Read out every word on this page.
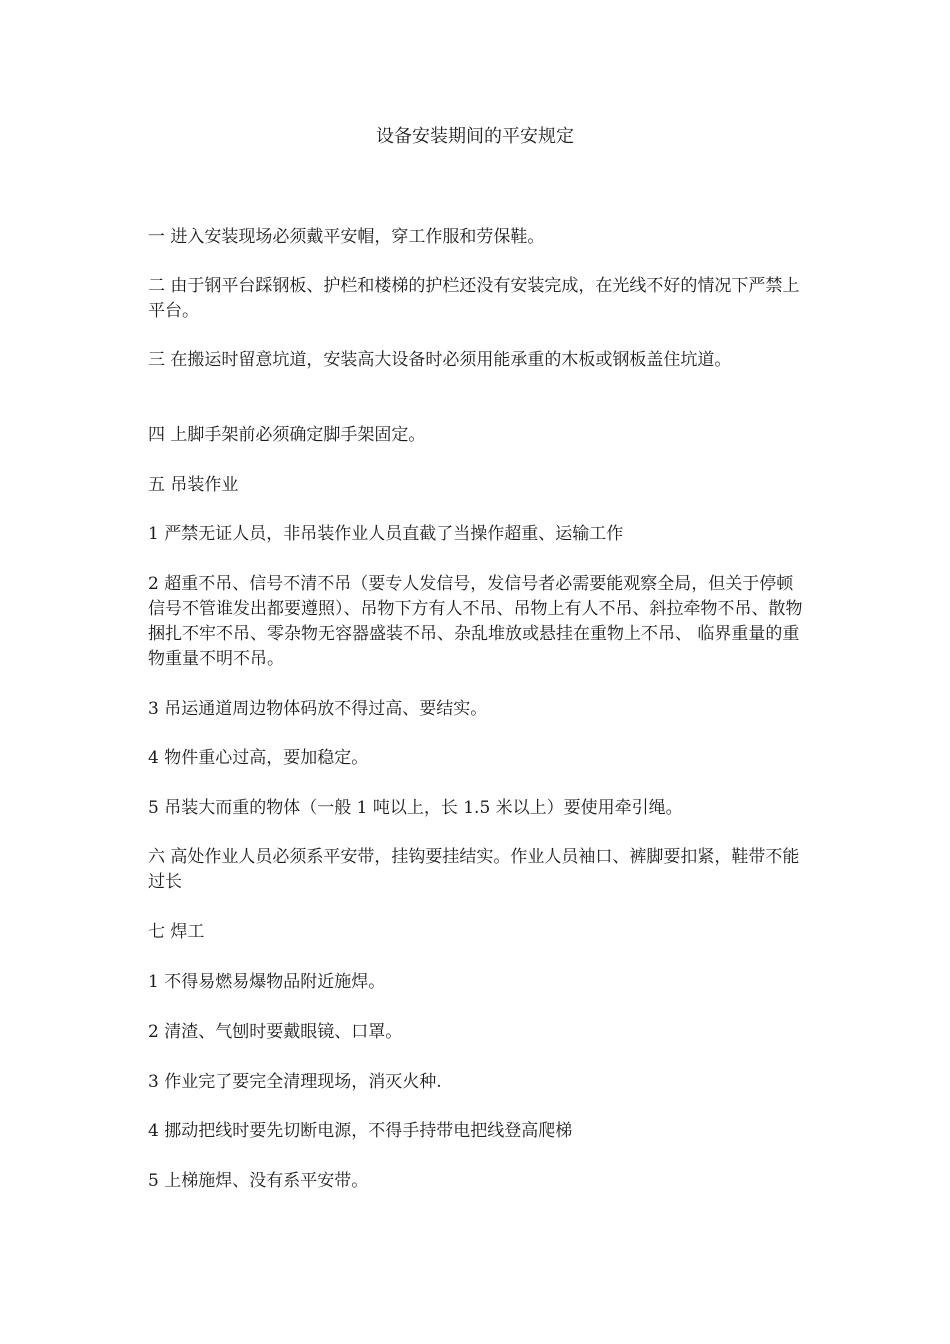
设备安装期间的平安规定

一 进入安装现场必须戴平安帽，穿工作服和劳保鞋。

二 由于钢平台踩钢板、护栏和楼梯的护栏还没有安装完成，在光线不好的情况下严禁上平台。

三 在搬运时留意坑道，安装高大设备时必须用能承重的木板或钢板盖住坑道。

四 上脚手架前必须确定脚手架固定。

五 吊装作业

1 严禁无证人员，非吊装作业人员直截了当操作超重、运输工作

2 超重不吊、信号不清不吊（要专人发信号，发信号者必需要能观察全局，但关于停顿信号不管谁发出都要遵照）、吊物下方有人不吊、吊物上有人不吊、斜拉牵物不吊、散物捆扎不牢不吊、零杂物无容器盛装不吊、杂乱堆放或悬挂在重物上不吊、 临界重量的重物重量不明不吊。

3 吊运通道周边物体码放不得过高、要结实。

4 物件重心过高，要加稳定。

5 吊装大而重的物体（一般 1 吨以上，长 1.5 米以上）要使用牵引绳。

六 高处作业人员必须系平安带，挂钩要挂结实。作业人员袖口、裤脚要扣紧，鞋带不能过长

七 焊工

1 不得易燃易爆物品附近施焊。

2 清渣、气刨时要戴眼镜、口罩。

3 作业完了要完全清理现场，消灭火种.

4 挪动把线时要先切断电源，不得手持带电把线登高爬梯

5 上梯施焊、没有系平安带。
